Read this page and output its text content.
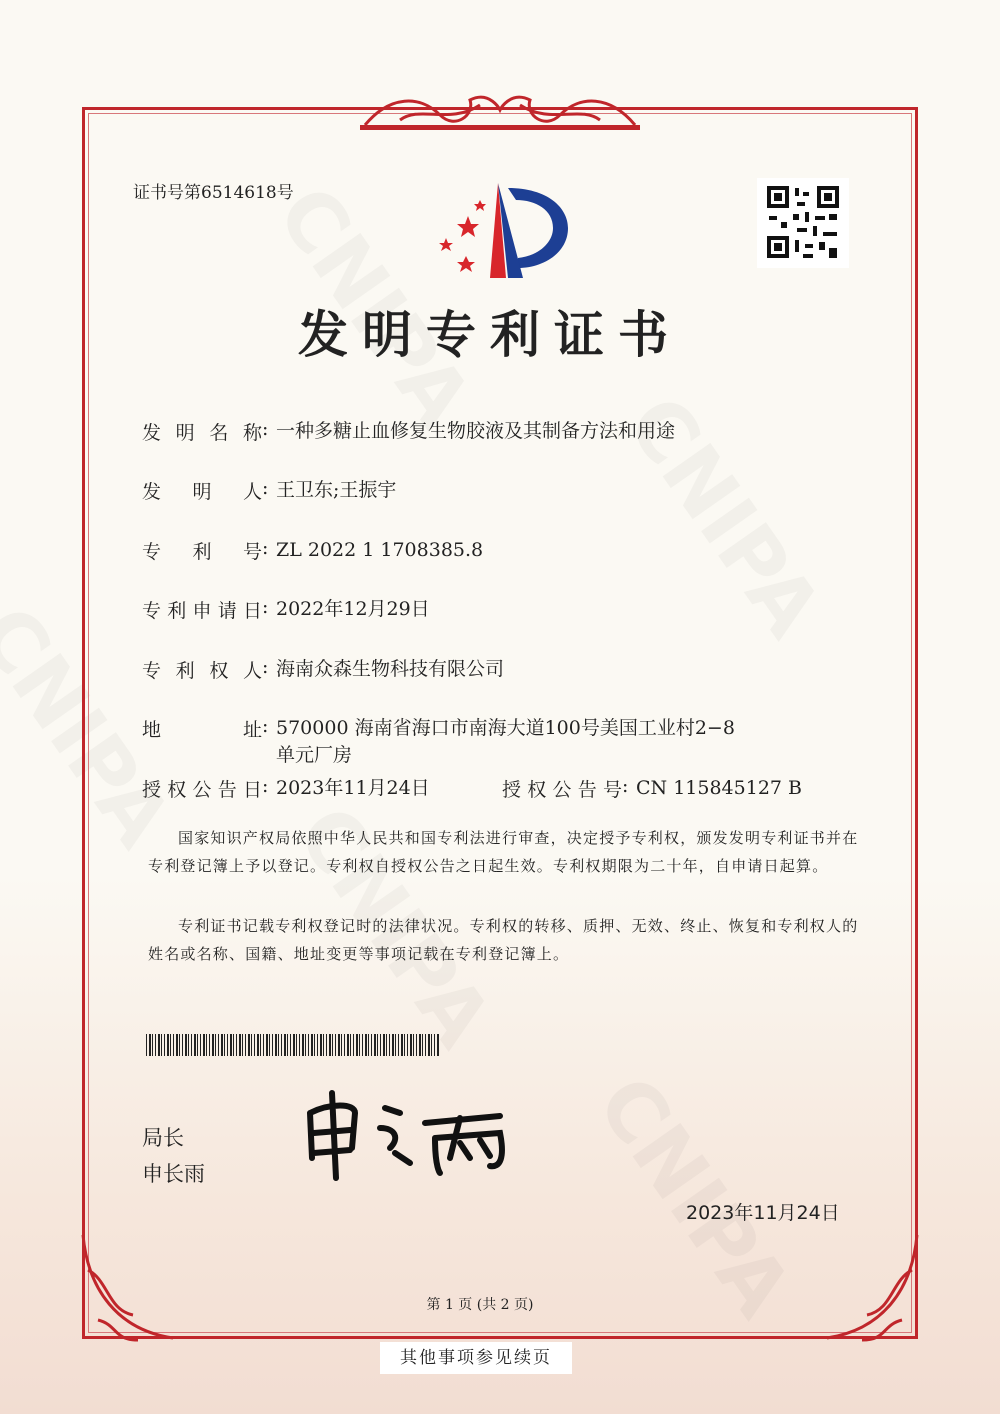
证书号第6514618号
发明专利证书
发明名称 : 一种多糖止血修复生物胶液及其制备方法和用途
发明人 : 王卫东;王振宇
专利号 : ZL 2022 1 1708385.8
专利申请日 : 2022年12月29日
专利权人 : 海南众森生物科技有限公司
地址 : 570000 海南省海口市南海大道100号美国工业村2−8单元厂房
授权公告日 : 2023年11月24日	授权公告号 : CN 115845127 B
国家知识产权局依照中华人民共和国专利法进行审查，决定授予专利权，颁发发明专利证书并在专利登记簿上予以登记。专利权自授权公告之日起生效。专利权期限为二十年，自申请日起算。
专利证书记载专利权登记时的法律状况。专利权的转移、质押、无效、终止、恢复和专利权人的姓名或名称、国籍、地址变更等事项记载在专利登记簿上。
局长
申长雨
2023年11月24日
第 1 页 (共 2 页)
其他事项参见续页
